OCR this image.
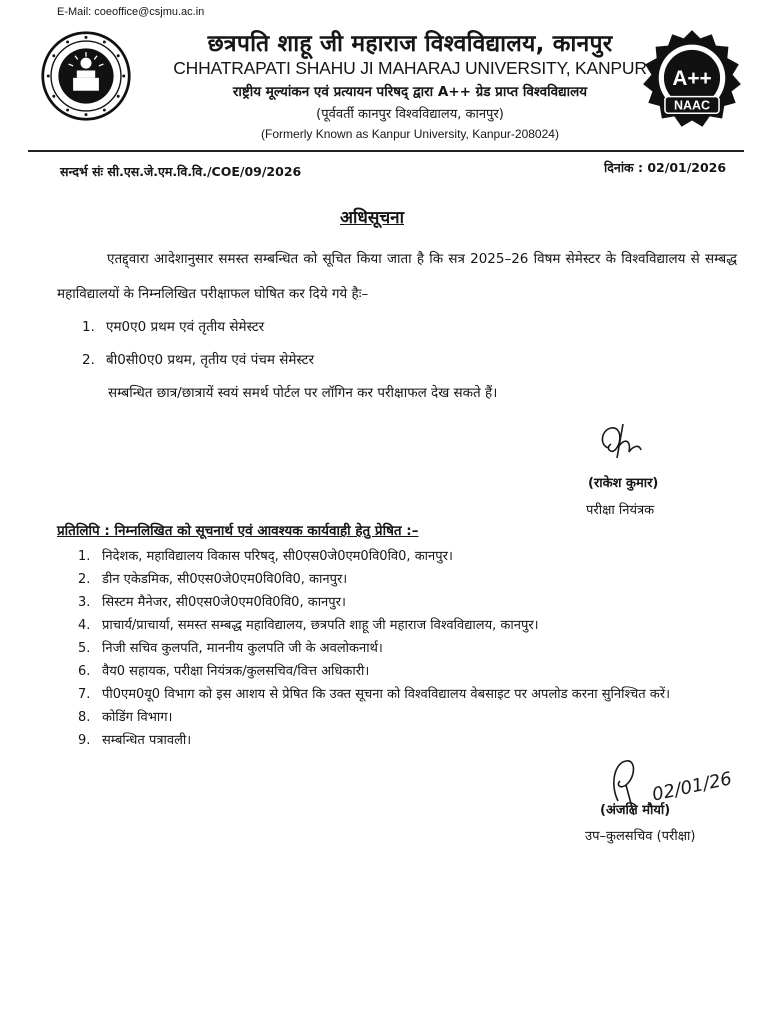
E-Mail: coeoffice@csjmu.ac.in
छत्रपति शाहू जी महाराज विश्वविद्यालय, कानपुर
CHHATRAPATI SHAHU JI MAHARAJ UNIVERSITY, KANPUR
राष्ट्रीय मूल्यांकन एवं प्रत्यायन परिषद् द्वारा A++ ग्रेड प्राप्त विश्वविद्यालय
(पूर्ववर्ती कानपुर विश्वविद्यालय, कानपुर)
(Formerly Known as Kanpur University, Kanpur-208024)
A++
NAAC
सन्दर्भ संः सी.एस.जे.एम.वि.वि./COE/09/2026	दिनांक : 02/01/2026
अधिसूचना
एतद्द्वारा आदेशानुसार समस्त सम्बन्धित को सूचित किया जाता है कि सत्र 2025–26 विषम सेमेस्टर के विश्वविद्यालय से सम्बद्ध महाविद्यालयों के निम्नलिखित परीक्षाफल घोषित कर दिये गये हैः–
1. एम0ए0 प्रथम एवं तृतीय सेमेस्टर
2. बी0सी0ए0 प्रथम, तृतीय एवं पंचम सेमेस्टर
सम्बन्धित छात्र/छात्रायें स्वयं समर्थ पोर्टल पर लॉगिन कर परीक्षाफल देख सकते हैं।
(राकेश कुमार)
परीक्षा नियंत्रक
प्रतिलिपि : निम्नलिखित को सूचनार्थ एवं आवश्यक कार्यवाही हेतु प्रेषित :–
1. निदेशक, महाविद्यालय विकास परिषद्, सी0एस0जे0एम0वि0वि0, कानपुर।
2. डीन एकेडमिक, सी0एस0जे0एम0वि0वि0, कानपुर।
3. सिस्टम मैनेजर, सी0एस0जे0एम0वि0वि0, कानपुर।
4. प्राचार्य/प्राचार्या, समस्त सम्बद्ध महाविद्यालय, छत्रपति शाहू जी महाराज विश्वविद्यालय, कानपुर।
5. निजी सचिव कुलपति, माननीय कुलपति जी के अवलोकनार्थ।
6. वैय0 सहायक, परीक्षा नियंत्रक/कुलसचिव/वित्त अधिकारी।
7. पी0एम0यू0 विभाग को इस आशय से प्रेषित कि उक्त सूचना को विश्वविद्यालय वेबसाइट पर अपलोड करना सुनिश्चित करें।
8. कोडिंग विभाग।
9. सम्बन्धित पत्रावली।
02/01/26
(अंजलि मौर्या)
उप–कुलसचिव (परीक्षा)
